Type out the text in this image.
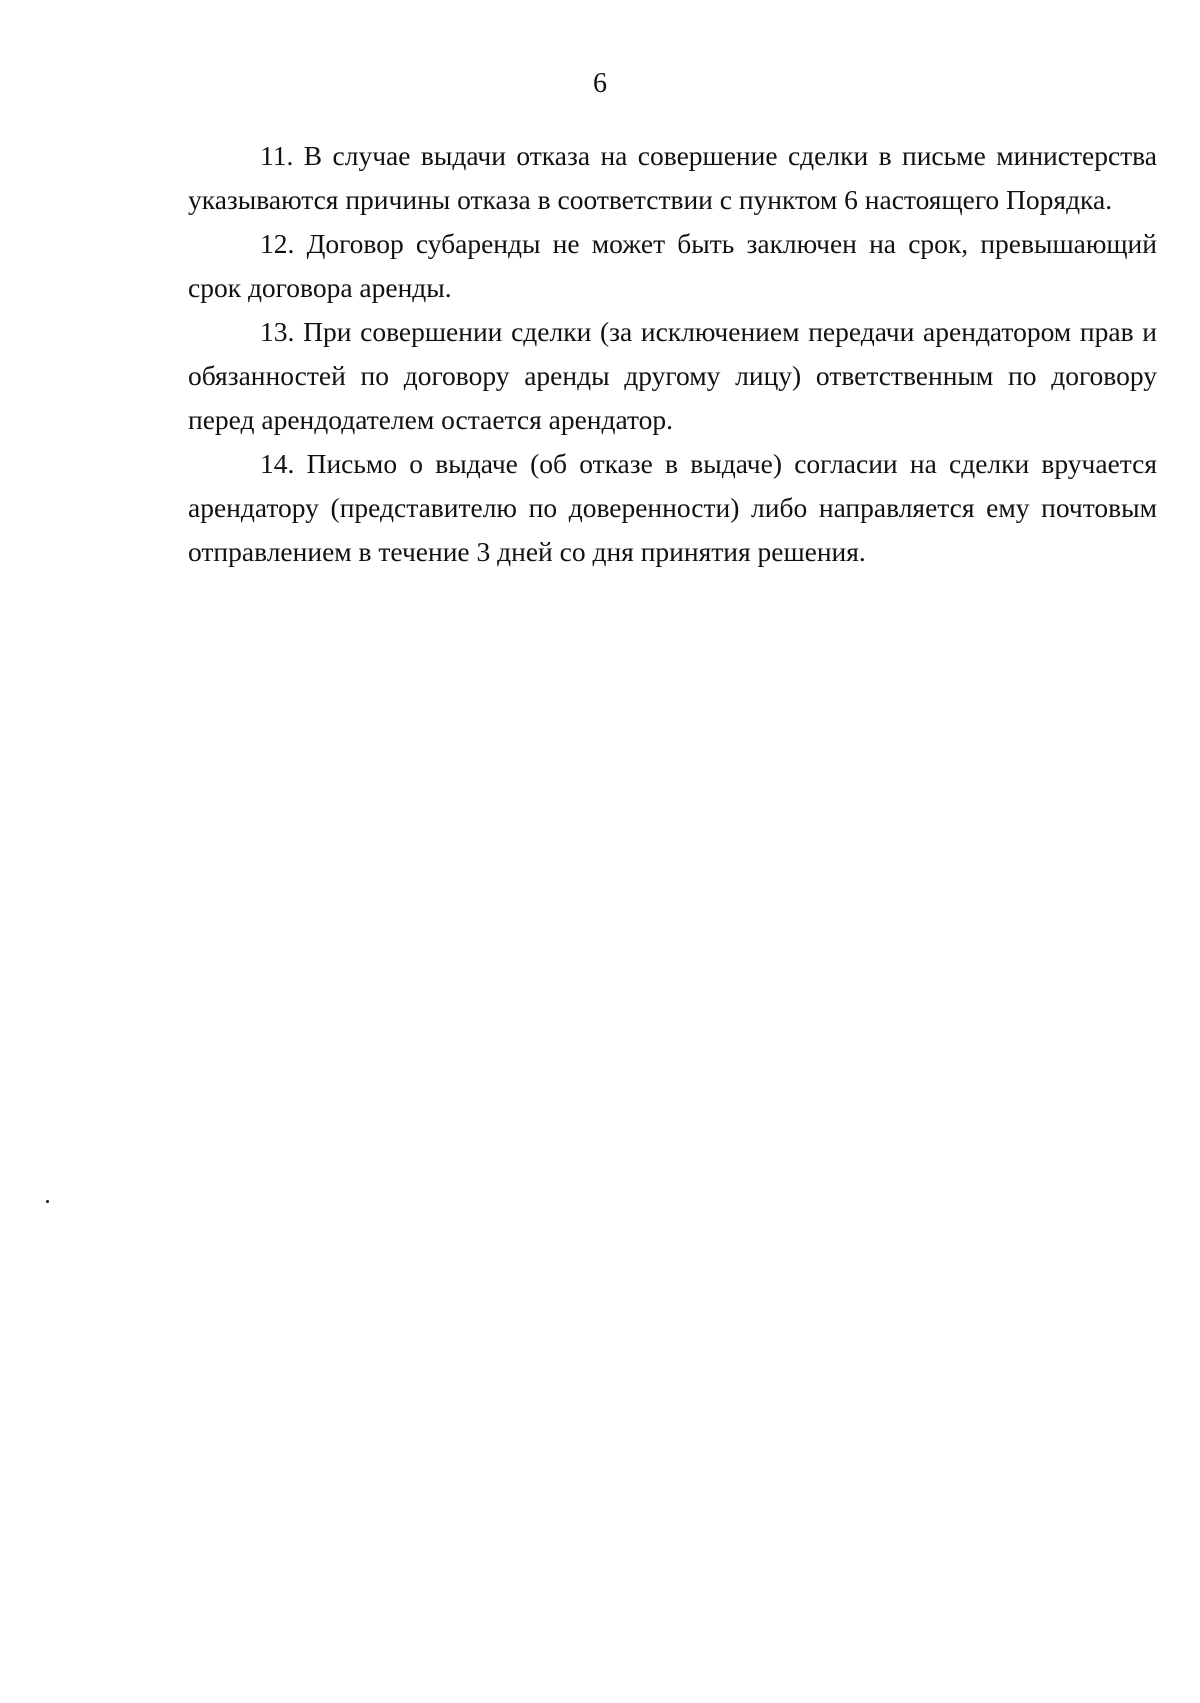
6

11. В случае выдачи отказа на совершение сделки в письме министерства указываются причины отказа в соответствии с пунктом 6 настоящего Порядка.

12. Договор субаренды не может быть заключен на срок, превышающий срок договора аренды.

13. При совершении сделки (за исключением передачи арендатором прав и обязанностей по договору аренды другому лицу) ответственным по договору перед арендодателем остается арендатор.

14. Письмо о выдаче (об отказе в выдаче) согласии на сделки вручается арендатору (представителю по доверенности) либо направляется ему почтовым отправлением в течение 3 дней со дня принятия решения.
